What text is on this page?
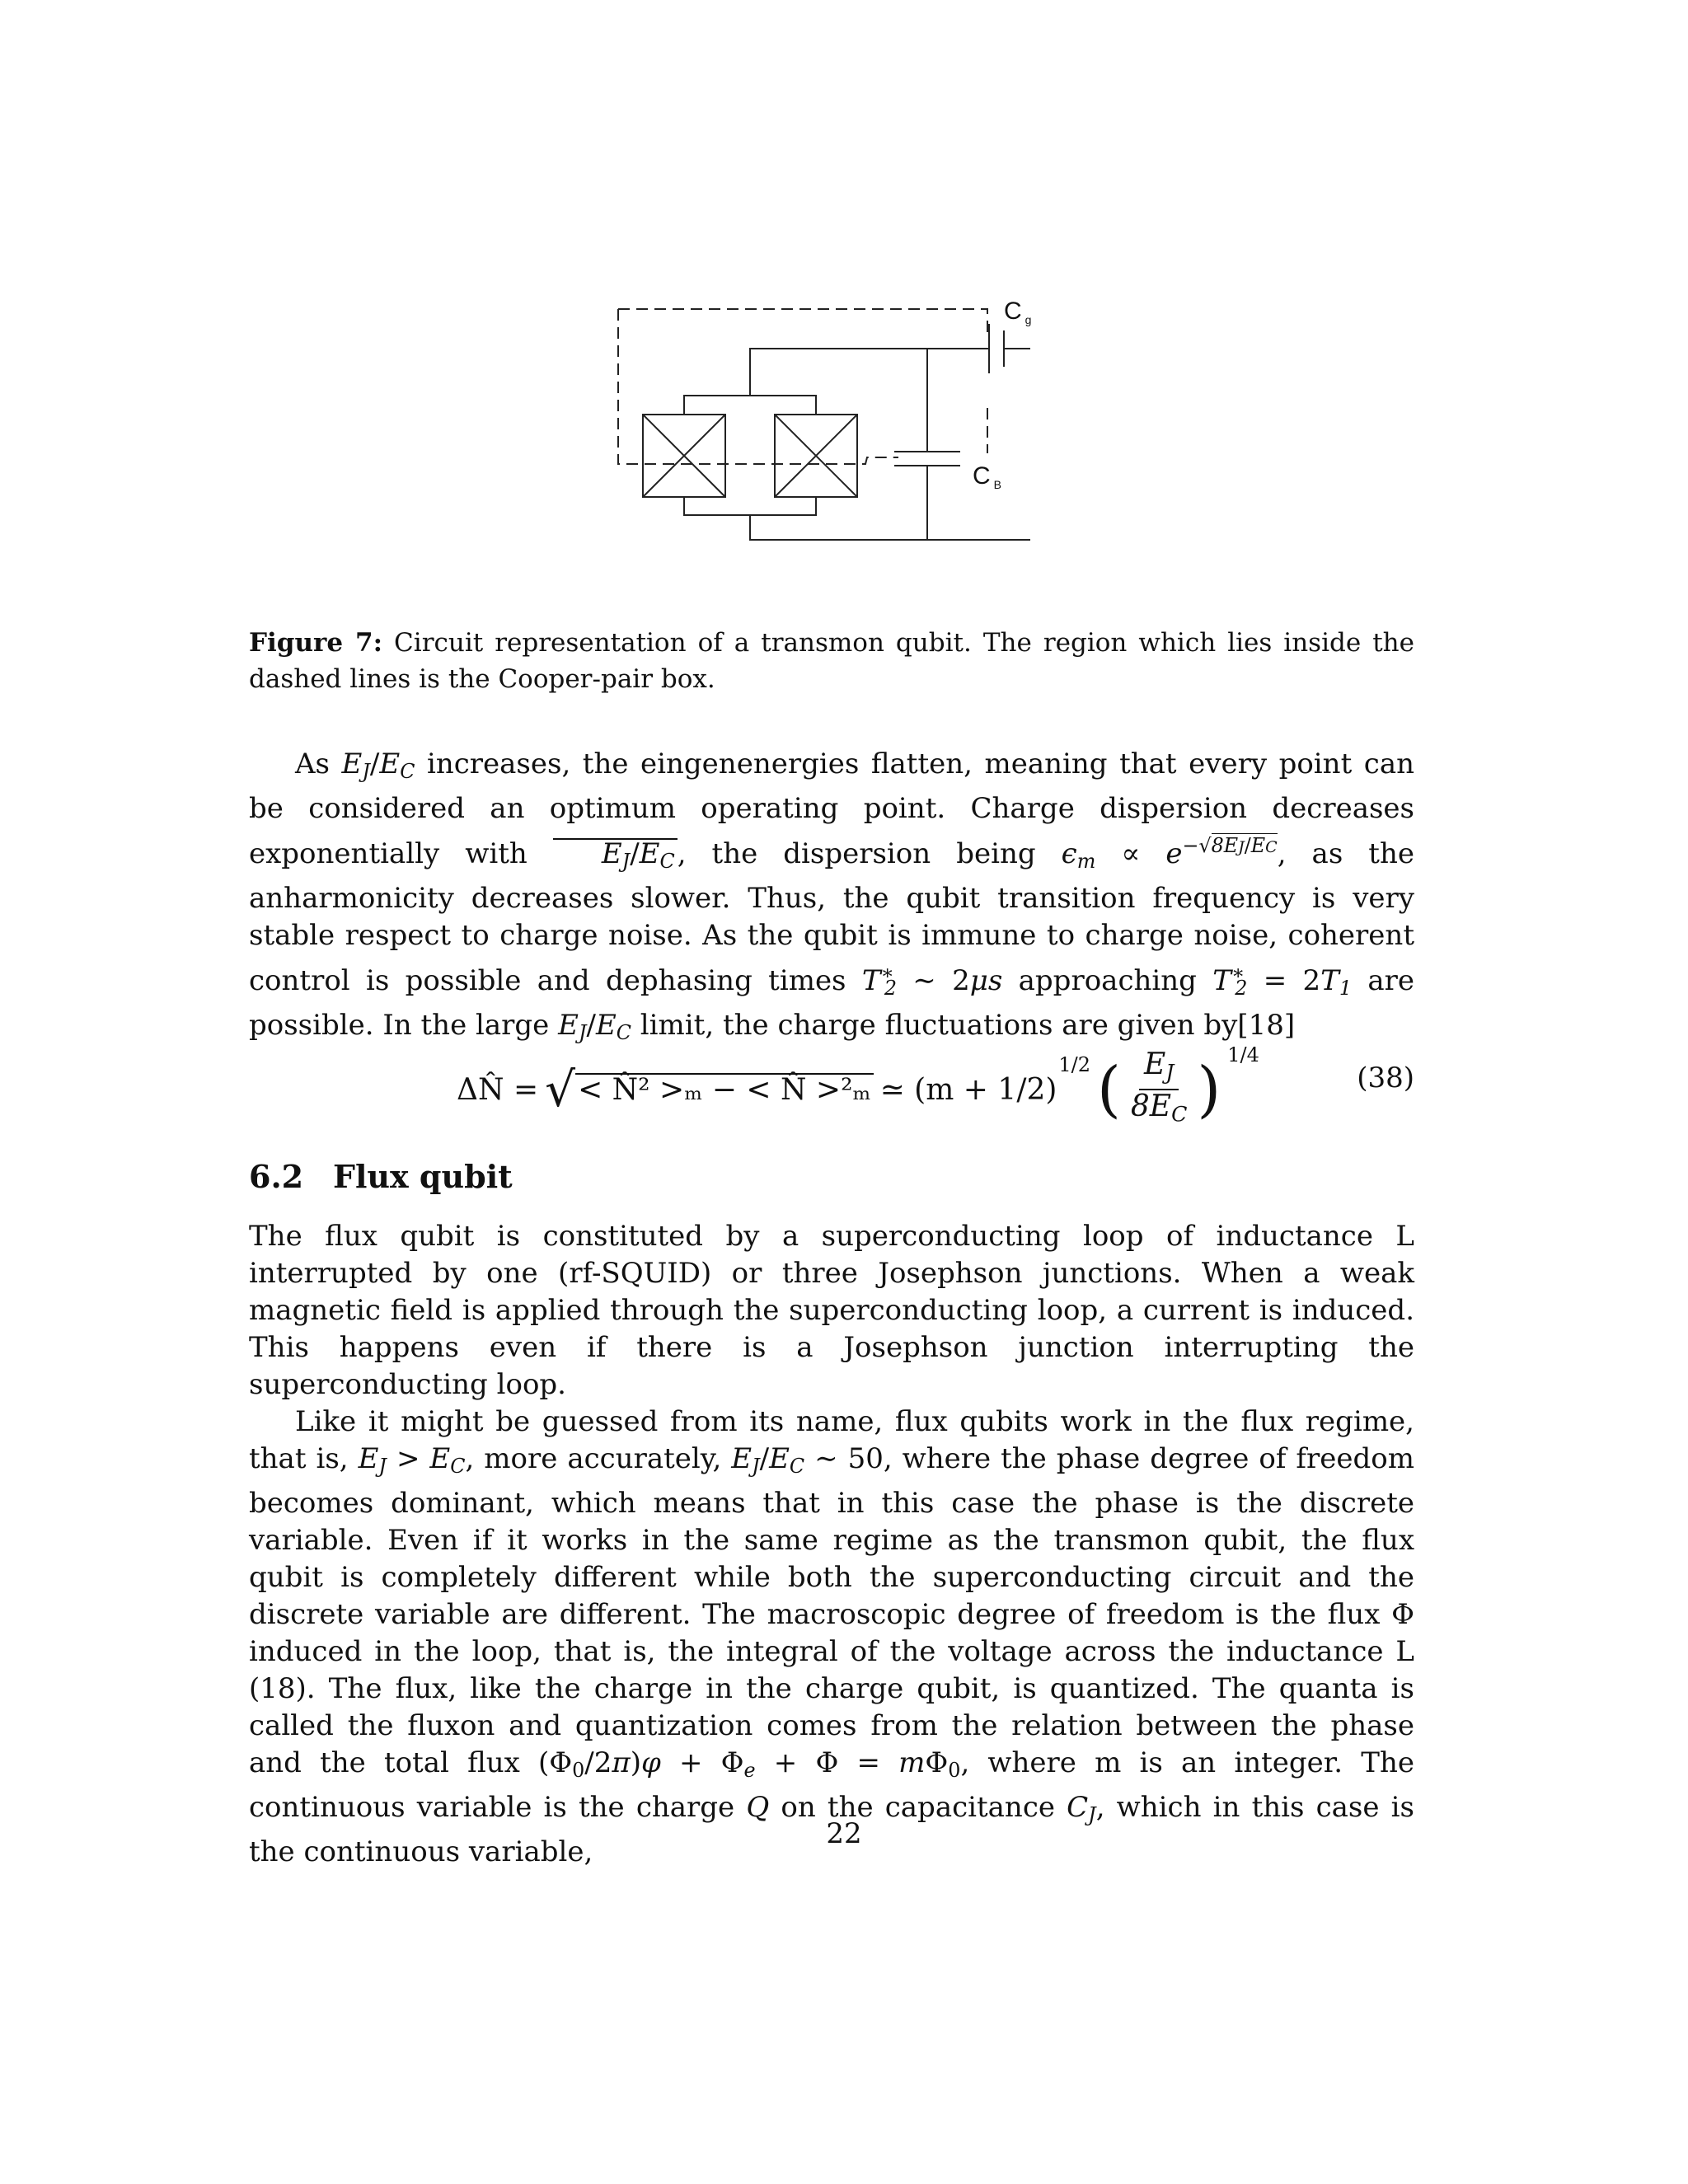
C $_g$
C $_B$
Figure 7: Circuit representation of a transmon qubit. The region which lies inside the dashed lines is the Cooper-pair box.

As $E_J/E_C$ increases, the eingenenergies flatten, meaning that every point can be considered an optimum operating point. Charge dispersion decreases exponentially with $E_J/E_C$, the dispersion being $\epsilon_m \propto e^{-√8EJ/EC}$, as the anharmonicity decreases slower. Thus, the qubit transition frequency is very stable respect to charge noise. As the qubit is immune to charge noise, coherent control is possible and dephasing times $T^∗_2$ ∼ 2μs approaching $T^∗_2 = 2T_1$ are possible. In the large $E_J/E_C$ limit, the charge fluctuations are given by[18]

ΔN̂ = √ < N̂² >ₘ − < N̂ >²ₘ ≃ (m + 1/2)
1/2 ( $\frac{E_J}{8E_C}$ ) 1/4
(38)
6.2 Flux qubit

The flux qubit is constituted by a superconducting loop of inductance L interrupted by one (rf-SQUID) or three Josephson junctions. When a weak magnetic field is applied through the superconducting loop, a current is induced. This happens even if there is a Josephson junction interrupting the superconducting loop.

Like it might be guessed from its name, flux qubits work in the flux regime, that is, $E_J > E_C$, more accurately, $E_J/E_C$ ∼ 50, where the phase degree of freedom becomes dominant, which means that in this case the phase is the discrete variable. Even if it works in the same regime as the transmon qubit, the flux qubit is completely different while both the superconducting circuit and the discrete variable are different. The macroscopic degree of freedom is the flux Φ induced in the loop, that is, the integral of the voltage across the inductance L (18). The flux, like the charge in the charge qubit, is quantized. The quanta is called the fluxon and quantization comes from the relation between the phase and the total flux $(\Phi_0/2\pi)\varphi + \Phi_e + \Phi = m\Phi_0$, where m is an integer. The continuous variable is the charge Q on the capacitance $C_J$, which in this case is the continuous variable,

22
